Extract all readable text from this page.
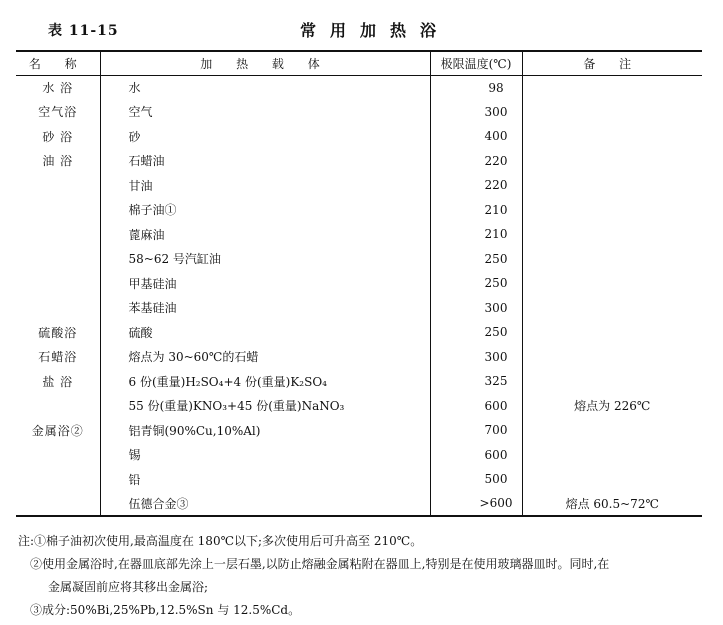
表 11-15	常用加热浴
名 称	加 热 载 体	极限温度(℃)	备 注
水 浴	水	98	
空气浴	空气	300	
砂 浴	砂	400	
油 浴	石蜡油	220	
	甘油	220	
	棉子油①	210	
	蓖麻油	210	
	58~62 号汽缸油	250	
	甲基硅油	250	
	苯基硅油	300	
硫酸浴	硫酸	250	
石蜡浴	熔点为 30~60℃的石蜡	300	
盐 浴	6 份(重量)H₂SO₄+4 份(重量)K₂SO₄	325	
	55 份(重量)KNO₃+45 份(重量)NaNO₃	600	熔点为 226℃
金属浴②	铝青铜(90%Cu,10%Al)	700	
	锡	600	
	铅	500	
	伍德合金③	>600	熔点 60.5~72℃
注:①棉子油初次使用,最高温度在 180℃以下;多次使用后可升高至 210℃。
②使用金属浴时,在器皿底部先涂上一层石墨,以防止熔融金属粘附在器皿上,特别是在使用玻璃器皿时。同时,在
金属凝固前应将其移出金属浴;
③成分:50%Bi,25%Pb,12.5%Sn 与 12.5%Cd。
